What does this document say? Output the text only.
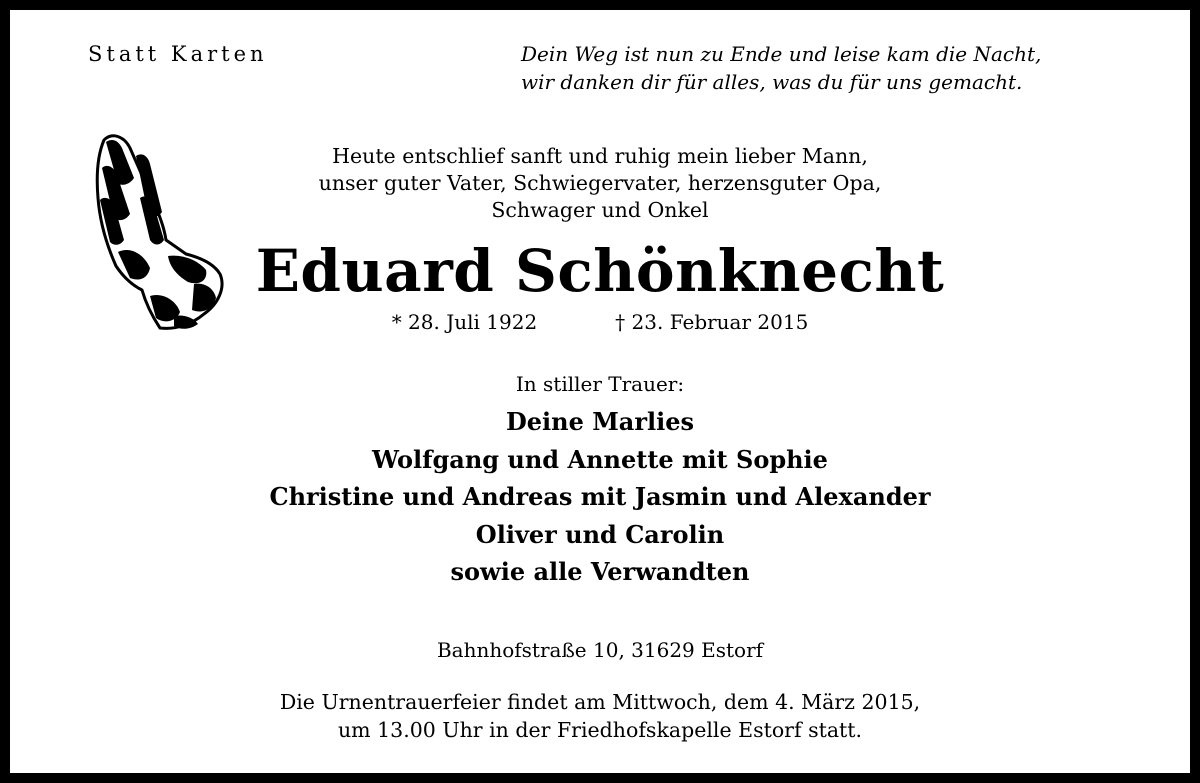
Statt Karten	Dein Weg ist nun zu Ende und leise kam die Nacht,
wir danken dir für alles, was du für uns gemacht.
Heute entschlief sanft und ruhig mein lieber Mann,
unser guter Vater, Schwiegervater, herzensguter Opa,
Schwager und Onkel
Eduard Schönknecht
* 28. Juli 1922	† 23. Februar 2015
In stiller Trauer:
Deine Marlies
Wolfgang und Annette mit Sophie
Christine und Andreas mit Jasmin und Alexander
Oliver und Carolin
sowie alle Verwandten
Bahnhofstraße 10, 31629 Estorf
Die Urnentrauerfeier findet am Mittwoch, dem 4. März 2015,
um 13.00 Uhr in der Friedhofskapelle Estorf statt.
